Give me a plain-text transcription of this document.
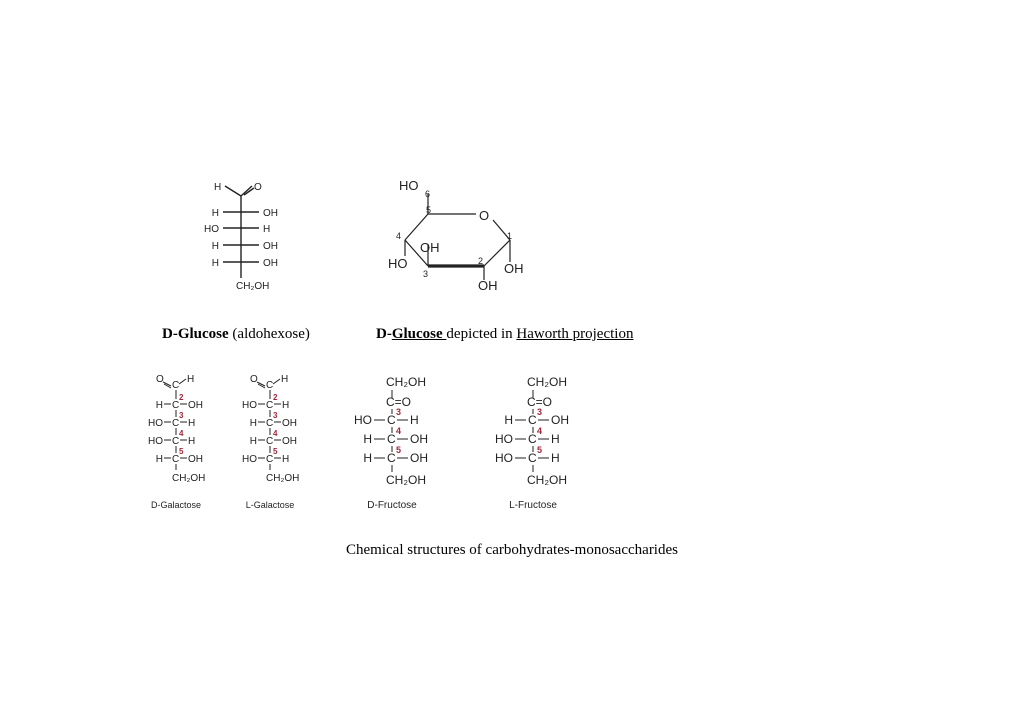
H	O
H	OH
HO	H
H	OH
H	OH
CH₂OH
HO
6
5	O
4	1
OH
HO
3
2 OH
OH
O
C
H
H C OH
2
HO C H
3
HO C H
4
H C OH
5
CH₂OH
D-Galactose
O
C
H
HO C H
2
H C OH
3
H C OH
4
HO C H
5
CH₂OH
L-Galactose
CH₂OH
C=O
HO C H
3
H C OH
4
H C OH
5
CH₂OH
D-Fructose
CH₂OH
C=O
H C OH
3
HO C H
4
HO C H
5
CH₂OH
L-Fructose
D-Glucose (aldohexose)	D-Glucose depicted in Haworth projection
Chemical structures of carbohydrates-monosaccharides
